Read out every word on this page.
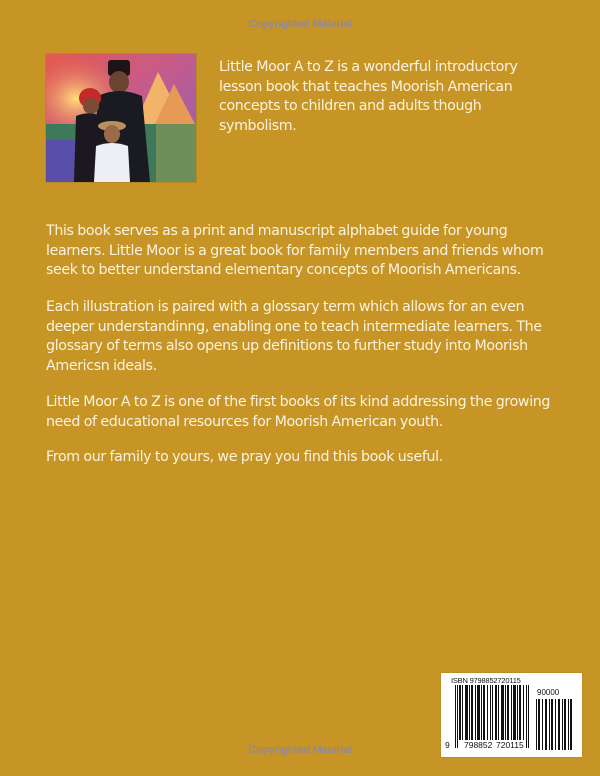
Copyrighted Material
Little Moor A to Z is a wonderful introductory lesson book that teaches Moorish American concepts to children and adults though symbolism.
This book serves as a print and manuscript alphabet guide for young learners. Little Moor is a great book for family members and friends whom seek to better understand elementary concepts of Moorish Americans.
Each illustration is paired with a glossary term which allows for an even deeper understandinng, enabling one to teach intermediate learners. The glossary of terms also opens up definitions to further study into Moorish Americsn ideals.
Little Moor A to Z is one of the first books of its kind addressing the growing need of educational resources for Moorish American youth.
From our family to yours, we pray you find this book useful.
ISBN 9798852720115
90000
9 798852 720115
Copyrighted Material
